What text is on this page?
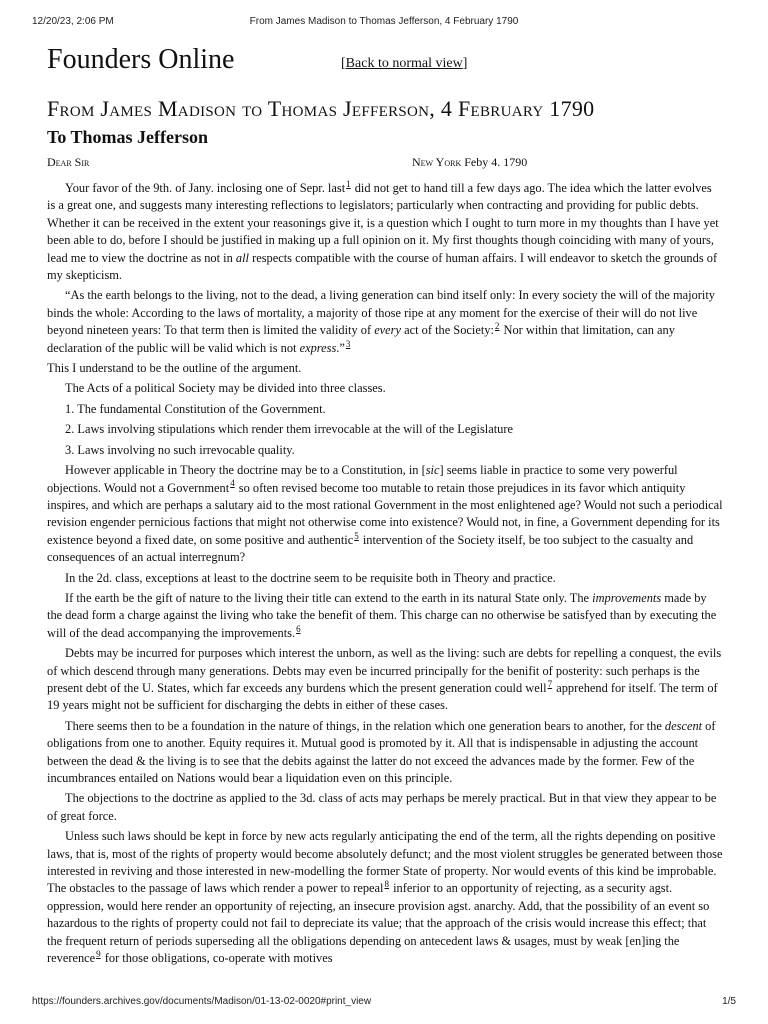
12/20/23, 2:06 PM	From James Madison to Thomas Jefferson, 4 February 1790
Founders Online	[Back to normal view]
From James Madison to Thomas Jefferson, 4 February 1790
To Thomas Jefferson
Dear Sir	New York Feby 4. 1790

Your favor of the 9th. of Jany. inclosing one of Sepr. last$^1$ did not get to hand till a few days ago. The idea which the latter evolves is a great one, and suggests many interesting reflections to legislators; particularly when contracting and providing for public debts. Whether it can be received in the extent your reasonings give it, is a question which I ought to turn more in my thoughts than I have yet been able to do, before I should be justified in making up a full opinion on it. My first thoughts though coinciding with many of yours, lead me to view the doctrine as not in all respects compatible with the course of human affairs. I will endeavor to sketch the grounds of my skepticism.

“As the earth belongs to the living, not to the dead, a living generation can bind itself only: In every society the will of the majority binds the whole: According to the laws of mortality, a majority of those ripe at any moment for the exercise of their will do not live beyond nineteen years: To that term then is limited the validity of every act of the Society:$^2$ Nor within that limitation, can any declaration of the public will be valid which is not express.”$^3$

This I understand to be the outline of the argument.

The Acts of a political Society may be divided into three classes.

1. The fundamental Constitution of the Government.

2. Laws involving stipulations which render them irrevocable at the will of the Legislature

3. Laws involving no such irrevocable quality.

However applicable in Theory the doctrine may be to a Constitution, in [sic] seems liable in practice to some very powerful objections. Would not a Government$^4$ so often revised become too mutable to retain those prejudices in its favor which antiquity inspires, and which are perhaps a salutary aid to the most rational Government in the most enlightened age? Would not such a periodical revision engender pernicious factions that might not otherwise come into existence? Would not, in fine, a Government depending for its existence beyond a fixed date, on some positive and authentic$^5$ intervention of the Society itself, be too subject to the casualty and consequences of an actual interregnum?

In the 2d. class, exceptions at least to the doctrine seem to be requisite both in Theory and practice.

If the earth be the gift of nature to the living their title can extend to the earth in its natural State only. The improvements made by the dead form a charge against the living who take the benefit of them. This charge can no otherwise be satisfyed than by executing the will of the dead accompanying the improvements.$^6$

Debts may be incurred for purposes which interest the unborn, as well as the living: such are debts for repelling a conquest, the evils of which descend through many generations. Debts may even be incurred principally for the benifit of posterity: such perhaps is the present debt of the U. States, which far exceeds any burdens which the present generation could well$^7$ apprehend for itself. The term of 19 years might not be sufficient for discharging the debts in either of these cases.

There seems then to be a foundation in the nature of things, in the relation which one generation bears to another, for the descent of obligations from one to another. Equity requires it. Mutual good is promoted by it. All that is indispensable in adjusting the account between the dead & the living is to see that the debits against the latter do not exceed the advances made by the former. Few of the incumbrances entailed on Nations would bear a liquidation even on this principle.

The objections to the doctrine as applied to the 3d. class of acts may perhaps be merely practical. But in that view they appear to be of great force.

Unless such laws should be kept in force by new acts regularly anticipating the end of the term, all the rights depending on positive laws, that is, most of the rights of property would become absolutely defunct; and the most violent struggles be generated between those interested in reviving and those interested in new-modelling the former State of property. Nor would events of this kind be improbable. The obstacles to the passage of laws which render a power to repeal$^8$ inferior to an opportunity of rejecting, as a security agst. oppression, would here render an opportunity of rejecting, an insecure provision agst. anarchy. Add, that the possibility of an event so hazardous to the rights of property could not fail to depreciate its value; that the approach of the crisis would increase this effect; that the frequent return of periods superseding all the obligations depending on antecedent laws & usages, must by weak [en]ing the reverence$^9$ for those obligations, co-operate with motives

https://founders.archives.gov/documents/Madison/01-13-02-0020#print_view	1/5
